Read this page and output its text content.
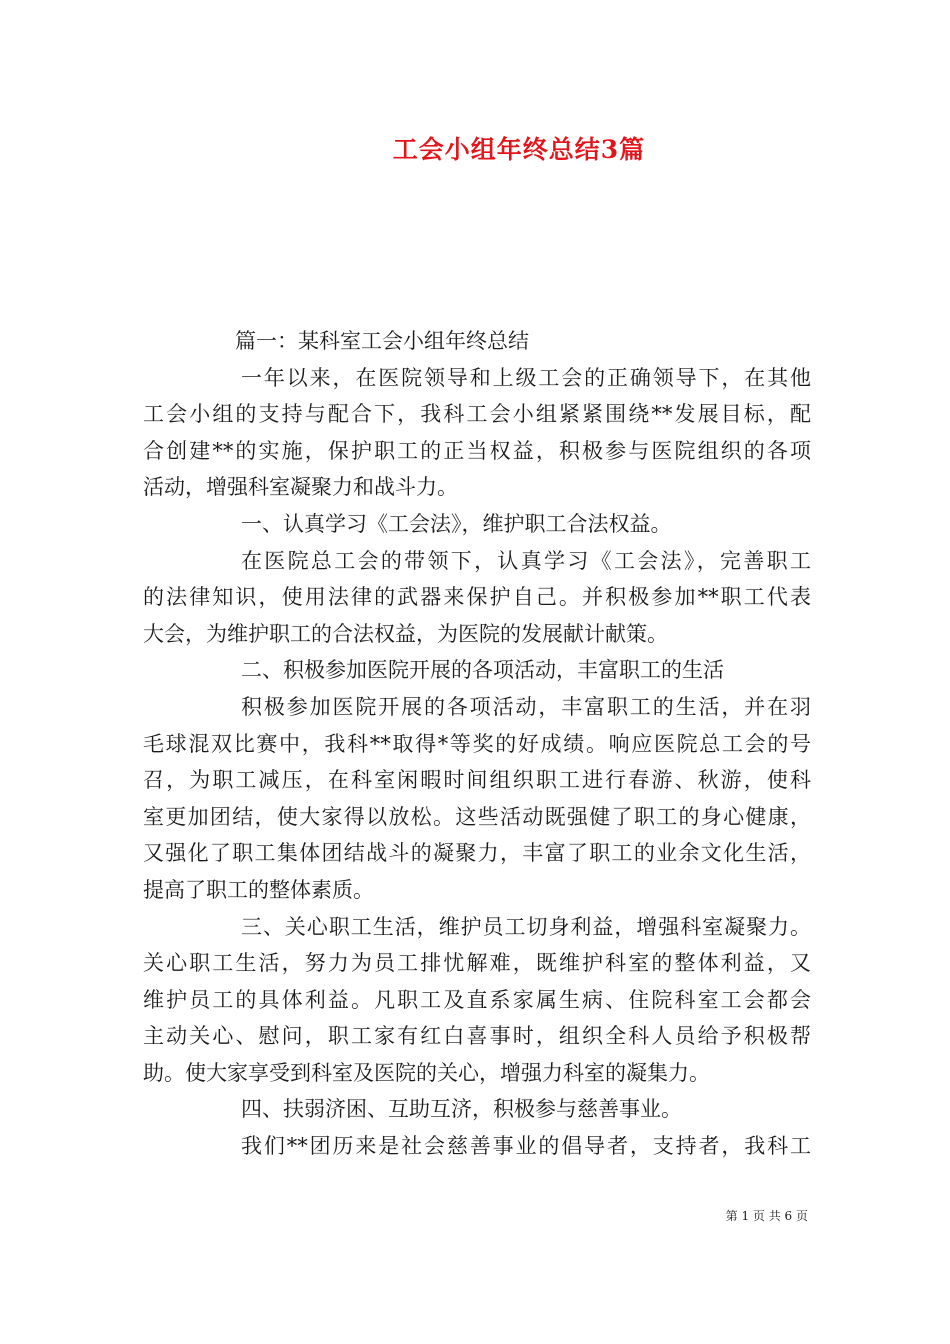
工会小组年终总结3篇
篇一：某科室工会小组年终总结
一年以来，在医院领导和上级工会的正确领导下，在其他
工会小组的支持与配合下，我科工会小组紧紧围绕**发展目标，配
合创建**的实施，保护职工的正当权益，积极参与医院组织的各项
活动，增强科室凝聚力和战斗力。
一、认真学习《工会法》，维护职工合法权益。
在医院总工会的带领下，认真学习《工会法》，完善职工
的法律知识，使用法律的武器来保护自己。并积极参加**职工代表
大会，为维护职工的合法权益，为医院的发展献计献策。
二、积极参加医院开展的各项活动，丰富职工的生活
积极参加医院开展的各项活动，丰富职工的生活，并在羽
毛球混双比赛中，我科**取得*等奖的好成绩。响应医院总工会的号
召，为职工减压，在科室闲暇时间组织职工进行春游、秋游，使科
室更加团结，使大家得以放松。这些活动既强健了职工的身心健康，
又强化了职工集体团结战斗的凝聚力，丰富了职工的业余文化生活，
提高了职工的整体素质。
三、关心职工生活，维护员工切身利益，增强科室凝聚力。
关心职工生活，努力为员工排忧解难，既维护科室的整体利益，又
维护员工的具体利益。凡职工及直系家属生病、住院科室工会都会
主动关心、慰问，职工家有红白喜事时，组织全科人员给予积极帮
助。使大家享受到科室及医院的关心，增强力科室的凝集力。
四、扶弱济困、互助互济，积极参与慈善事业。
我们**团历来是社会慈善事业的倡导者，支持者，我科工
第 1 页 共 6 页
